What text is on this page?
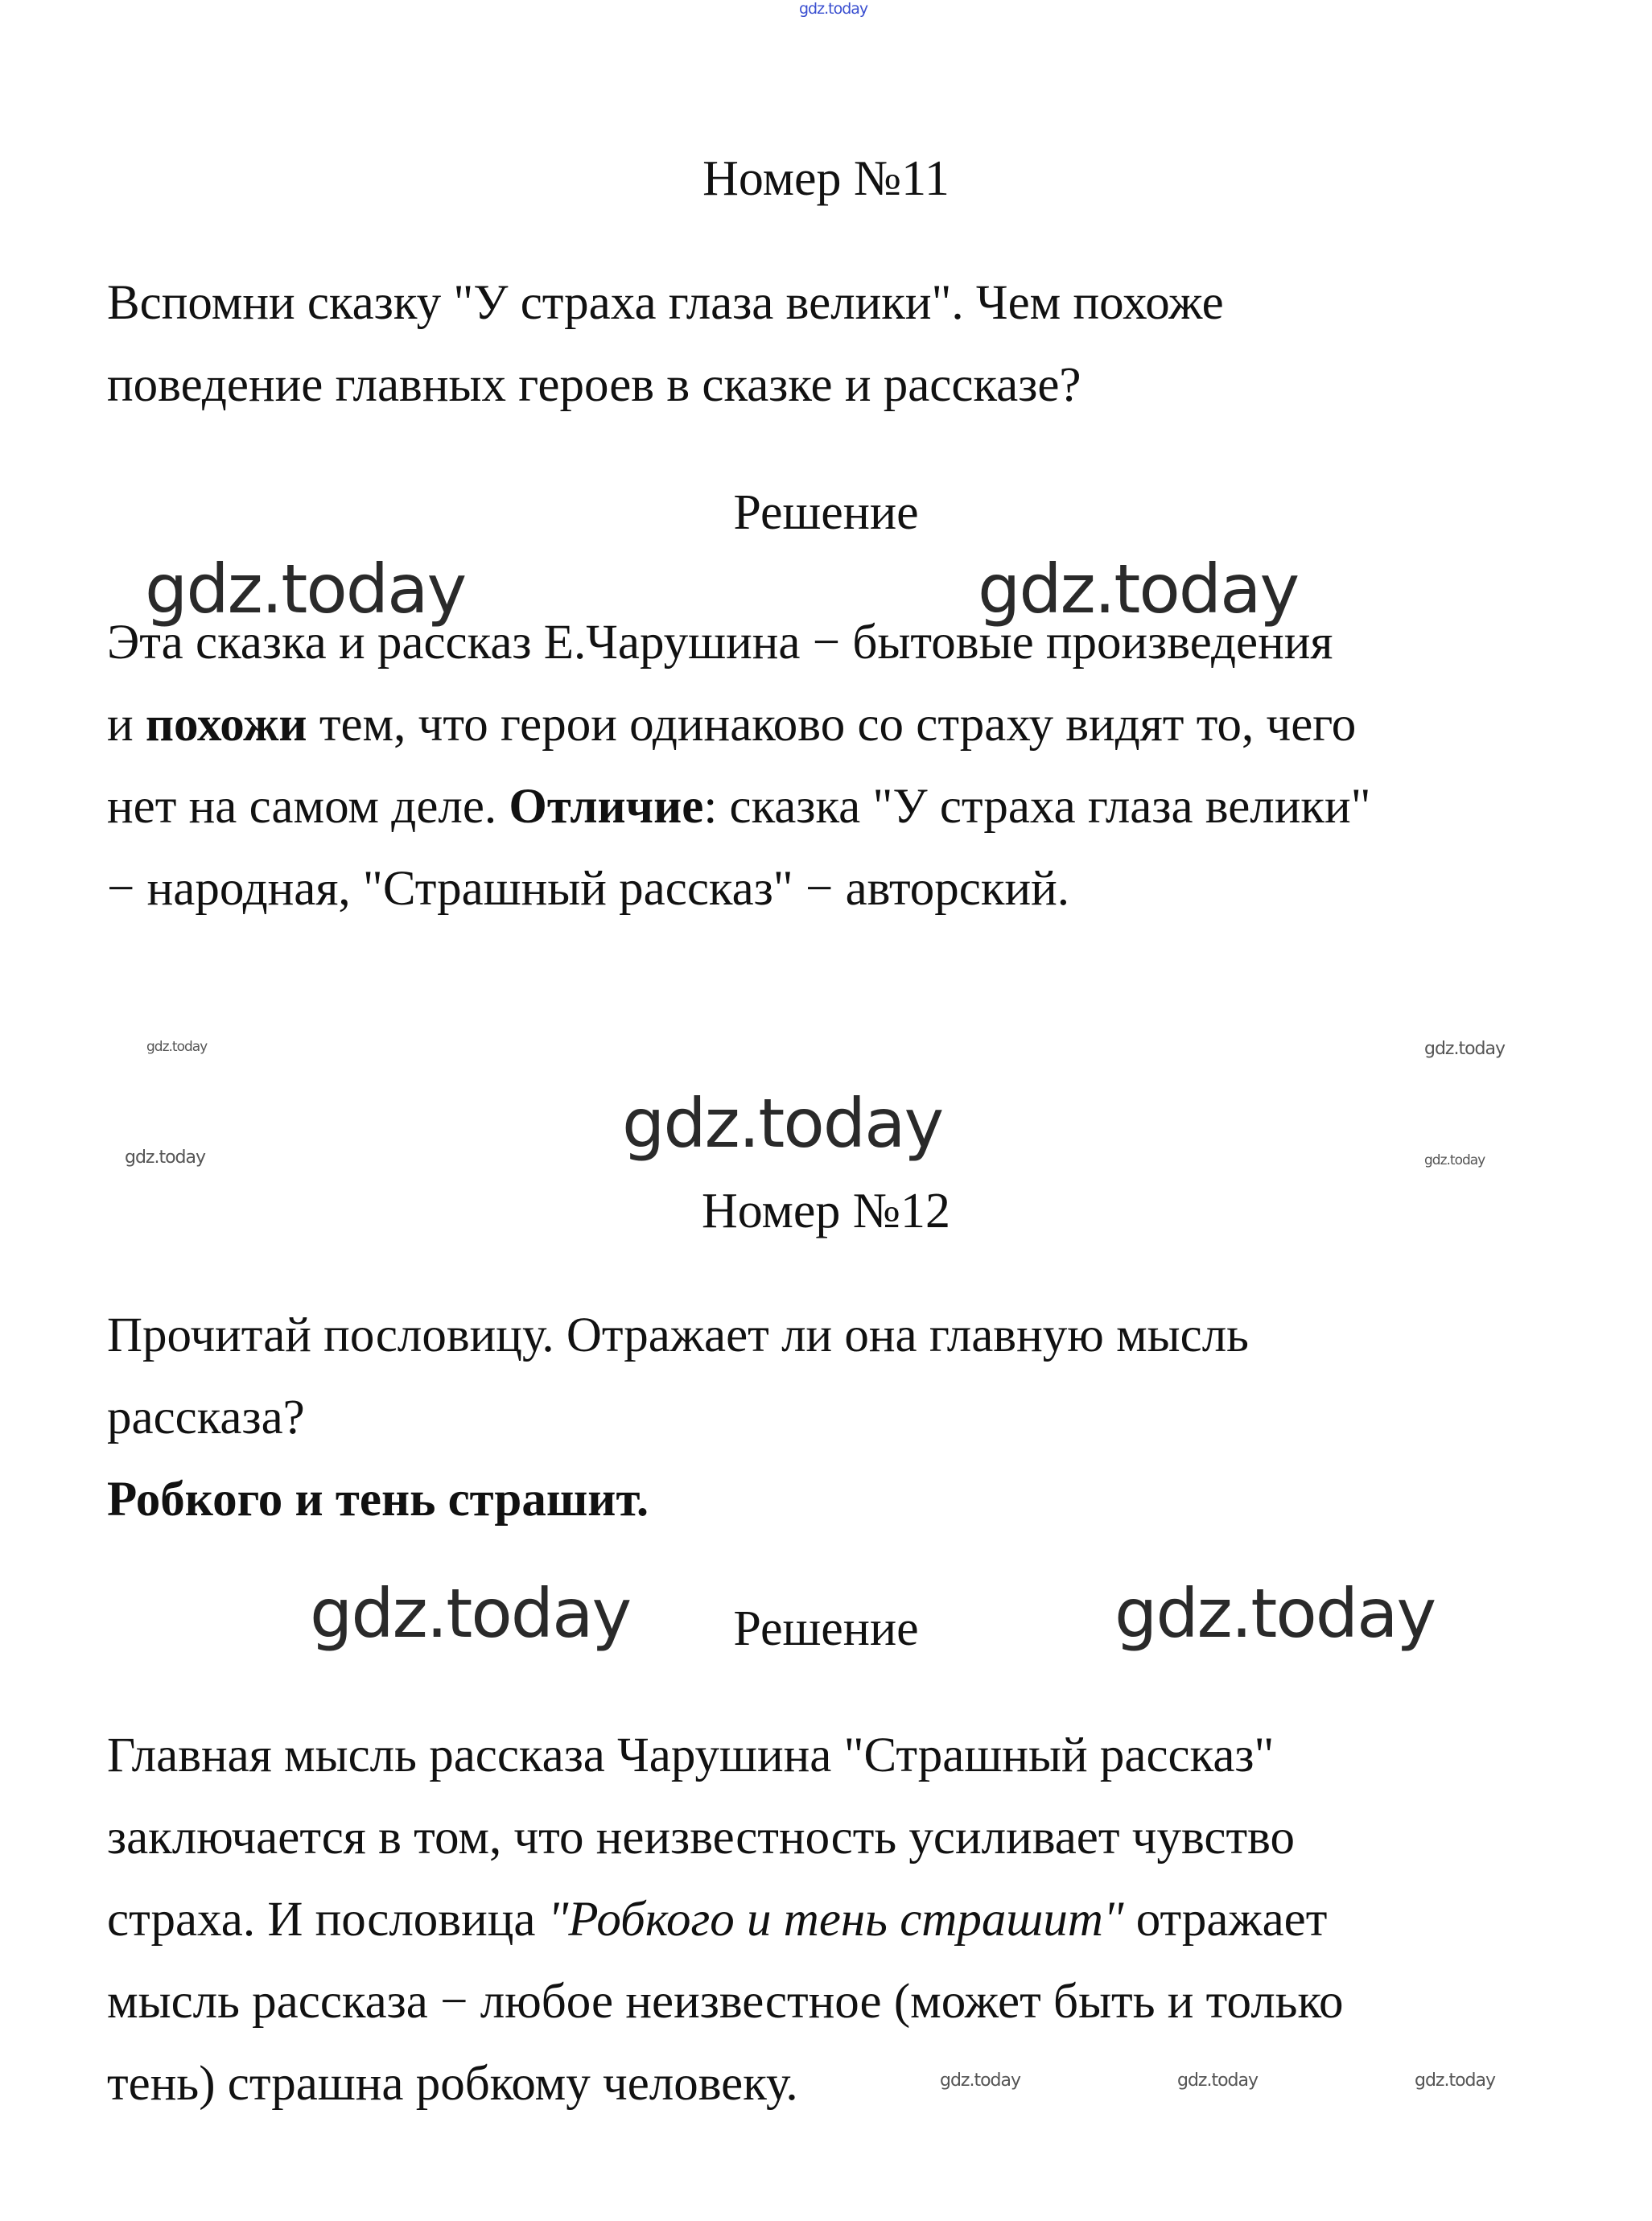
gdz.today
gdz.today	gdz.today
gdz.today	gdz.today
gdz.today
gdz.today	gdz.today
gdz.today	gdz.today
gdz.today	gdz.today	gdz.today
Номер №11
Вспомни сказку "У страха глаза велики". Чем похоже
поведение главных героев в сказке и рассказе?
Решение
Эта сказка и рассказ Е.Чарушина − бытовые произведения
и похожи тем, что герои одинаково со страху видят то, чего
нет на самом деле. Отличие: сказка "У страха глаза велики"
− народная, "Страшный рассказ" − авторский.
Номер №12
Прочитай пословицу. Отражает ли она главную мысль
рассказа?
Робкого и тень страшит.
Решение
Главная мысль рассказа Чарушина "Страшный рассказ"
заключается в том, что неизвестность усиливает чувство
страха. И пословица "Робкого и тень страшит" отражает
мысль рассказа − любое неизвестное (может быть и только
тень) страшна робкому человеку.
